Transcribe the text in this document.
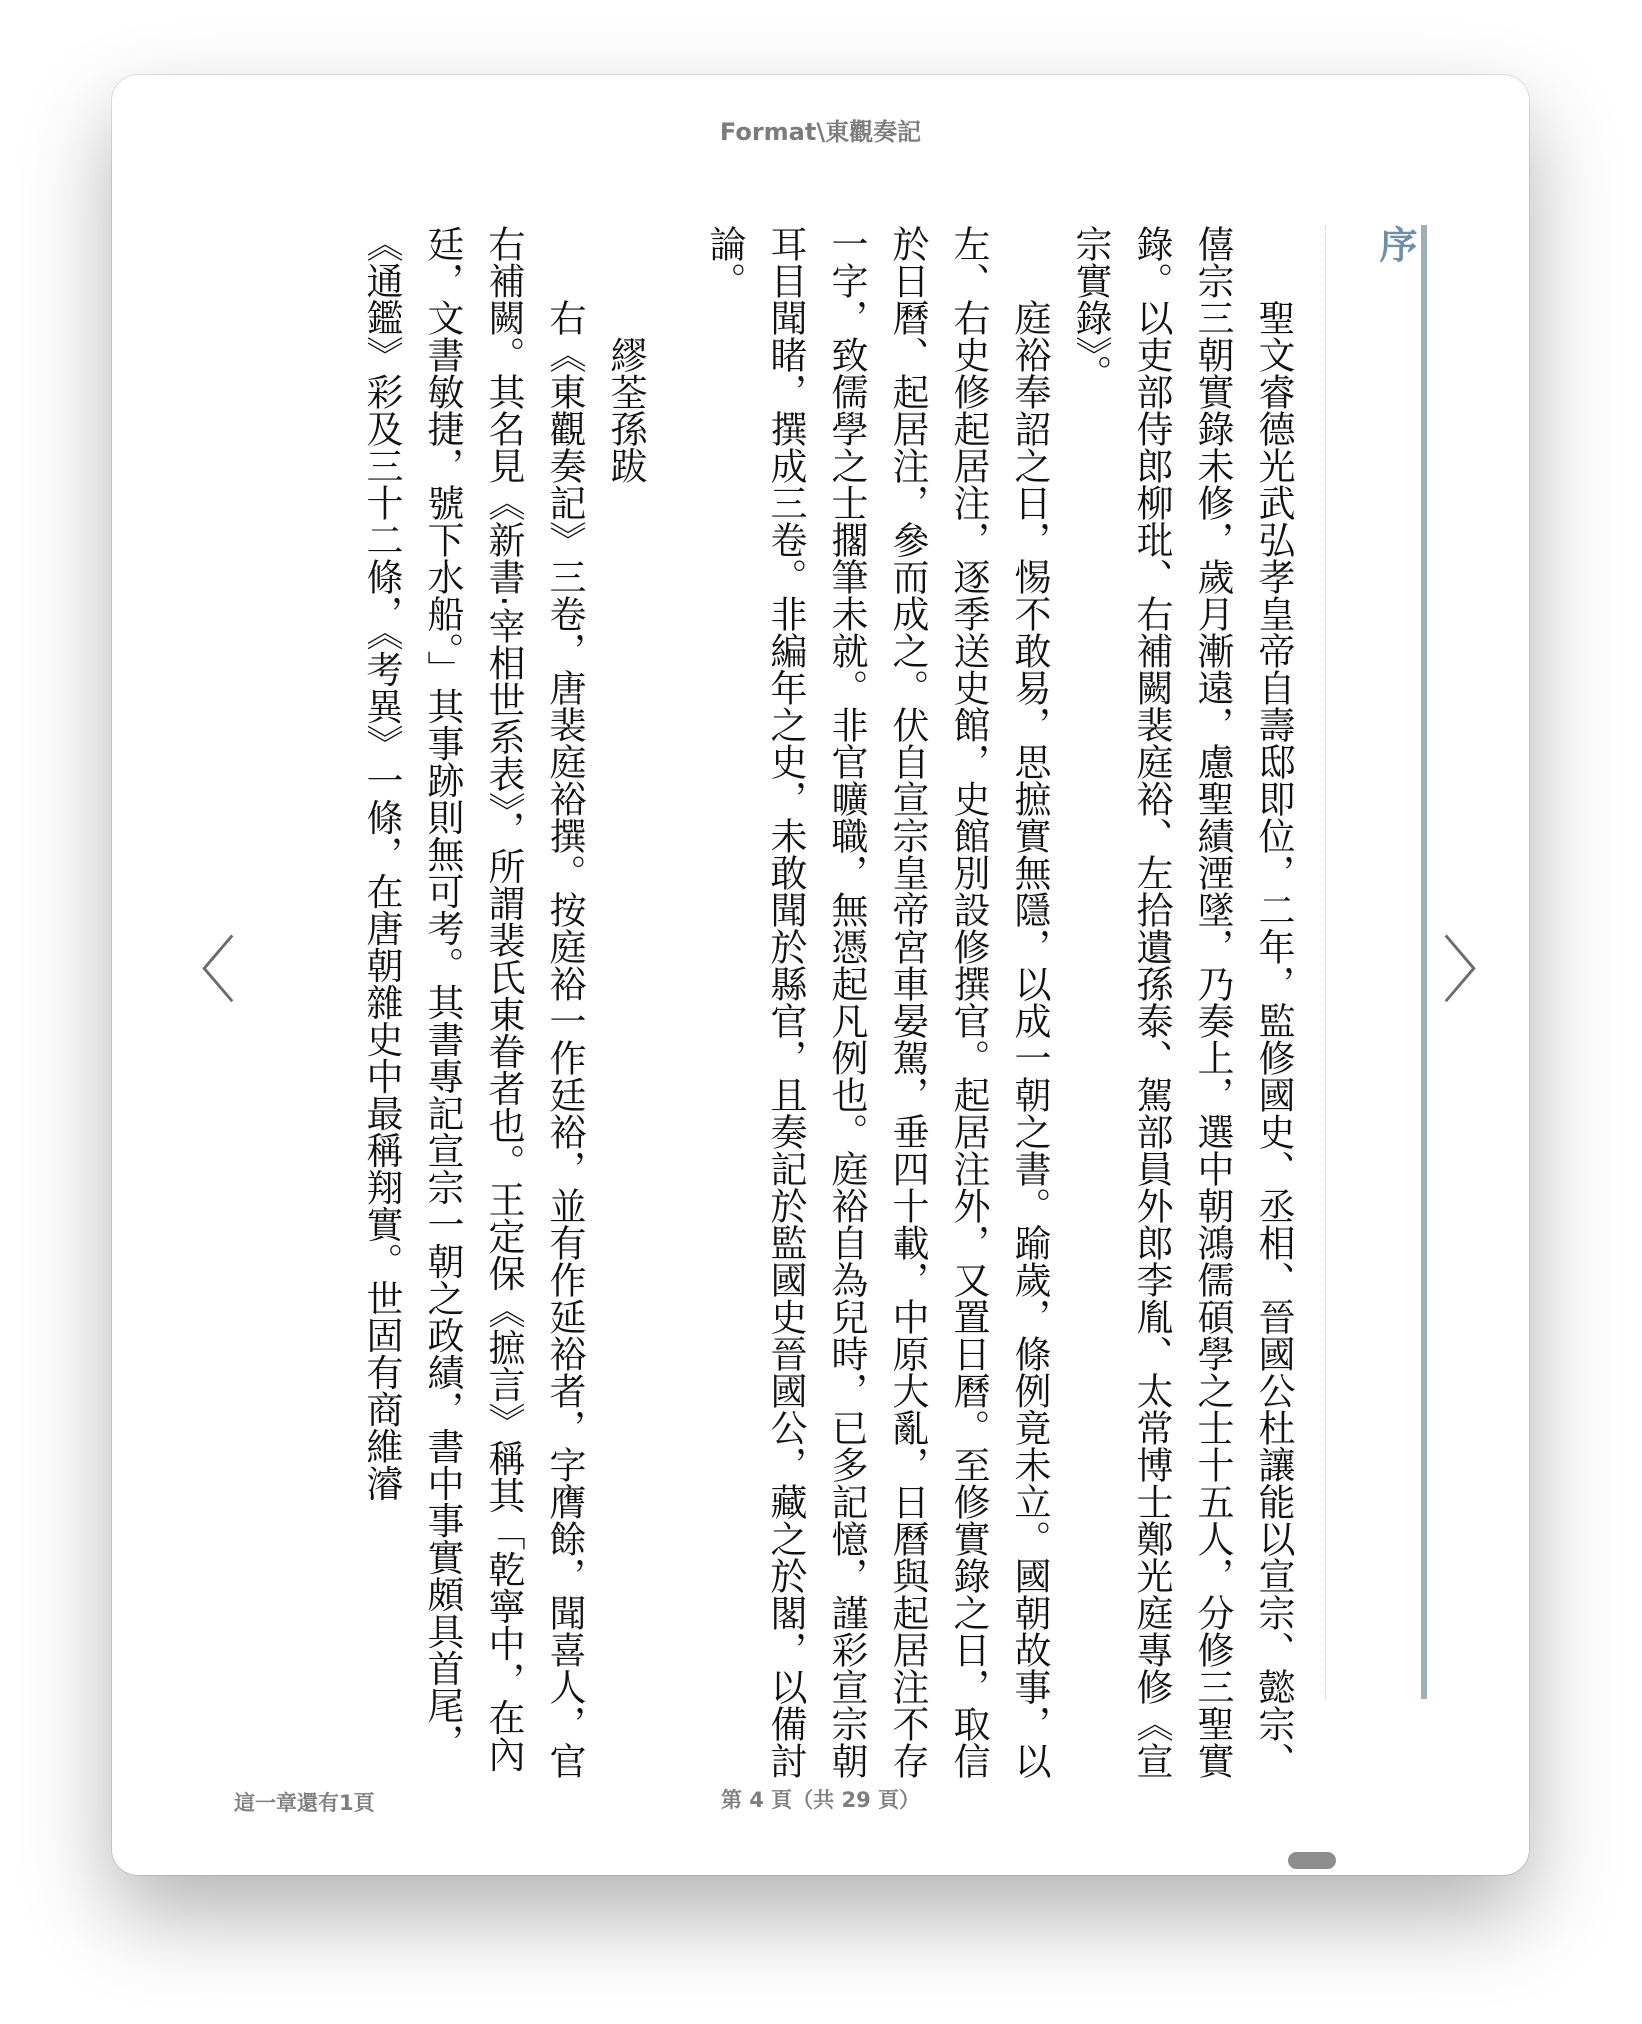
Format\東觀奏記
序

聖文睿德光武弘孝皇帝自壽邸即位，二年，監修國史、丞相、晉國公杜讓能以宣宗、懿宗、僖宗三朝實錄未修，歲月漸遠，慮聖績湮墜，乃奏上，選中朝鴻儒碩學之士十五人，分修三聖實錄。以吏部侍郎柳玭、右補闕裴庭裕、左拾遺孫泰、駕部員外郎李胤、太常博士鄭光庭專修《宣宗實錄》。

庭裕奉詔之日，惕不敢易，思摭實無隱，以成一朝之書。踰歲，條例竟未立。國朝故事，以左、右史修起居注，逐季送史館，史館別設修撰官。起居注外，又置日曆。至修實錄之日，取信於日曆、起居注，參而成之。伏自宣宗皇帝宮車晏駕，垂四十載，中原大亂，日曆與起居注不存一字，致儒學之士擱筆未就。非官曠職，無憑起凡例也。庭裕自為兒時，已多記憶，謹彩宣宗朝耳目聞睹，撰成三卷。非編年之史，未敢聞於縣官，且奏記於監國史晉國公，藏之於閣，以備討論。

繆荃孫跋

右《東觀奏記》三卷，唐裴庭裕撰。按庭裕一作廷裕，並有作延裕者，字膺餘，聞喜人，官右補闕。其名見《新書‧宰相世系表》，所謂裴氏東眷者也。王定保《摭言》稱其「乾寧中，在內廷，文書敏捷，號下水船。」其事跡則無可考。其書專記宣宗一朝之政績，書中事實頗具首尾，《通鑑》彩及三十二條，《考異》一條，在唐朝雜史中最稱翔實。世固有商維濬

〈	〉
這一章還有1頁	第 4 頁（共 29 頁）
